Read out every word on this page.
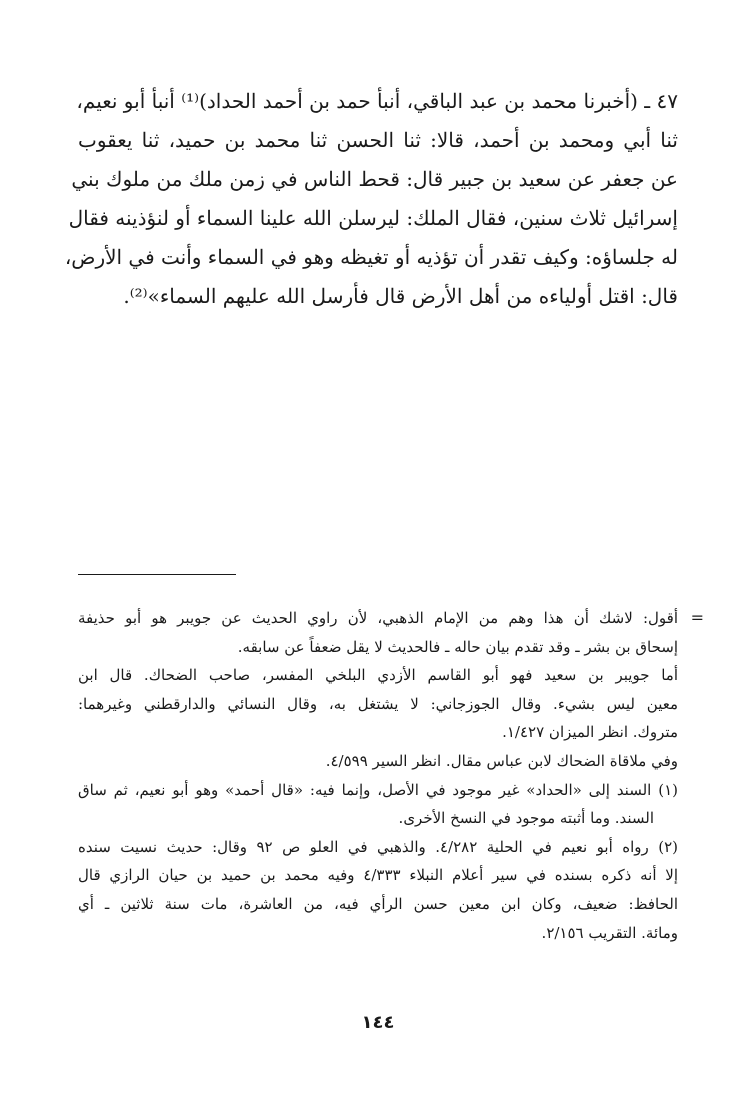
٤٧ ـ (أخبرنا محمد بن عبد الباقي، أنبأ حمد بن أحمد الحداد)⁽¹⁾ أنبأ أبو نعيم،

ثنا أبي ومحمد بن أحمد، قالا: ثنا الحسن ثنا محمد بن حميد، ثنا يعقوب

عن جعفر عن سعيد بن جبير قال: قحط الناس في زمن ملك من ملوك بني

إسرائيل ثلاث سنين، فقال الملك: ليرسلن الله علينا السماء أو لنؤذينه فقال

له جلساؤه: وكيف تقدر أن تؤذيه أو تغيظه وهو في السماء وأنت في الأرض،

قال: اقتل أولياءه من أهل الأرض قال فأرسل الله عليهم السماء»⁽²⁾.

=
أقول: لاشك أن هذا وهم من الإمام الذهبي، لأن راوي الحديث عن جويبر هو أبو حذيفة
إسحاق بن بشر ـ وقد تقدم بيان حاله ـ فالحديث لا يقل ضعفاً عن سابقه.
أما جويبر بن سعيد فهو أبو القاسم الأزدي البلخي المفسر، صاحب الضحاك. قال ابن
معين ليس بشيء. وقال الجوزجاني: لا يشتغل به، وقال النسائي والدارقطني وغيرهما:
متروك. انظر الميزان ١/٤٢٧.
وفي ملاقاة الضحاك لابن عباس مقال. انظر السير ٤/٥٩٩.
(١) السند إلى «الحداد» غير موجود في الأصل، وإنما فيه: «قال أحمد» وهو أبو نعيم، ثم ساق
السند. وما أثبته موجود في النسخ الأخرى.
(٢) رواه أبو نعيم في الحلية ٤/٢٨٢. والذهبي في العلو ص ٩٢ وقال: حديث نسيت سنده
إلا أنه ذكره بسنده في سير أعلام النبلاء ٤/٣٣٣ وفيه محمد بن حميد بن حيان الرازي قال
الحافظ: ضعيف، وكان ابن معين حسن الرأي فيه، من العاشرة، مات سنة ثلاثين ـ أي
ومائة. التقريب ٢/١٥٦.
١٤٤
